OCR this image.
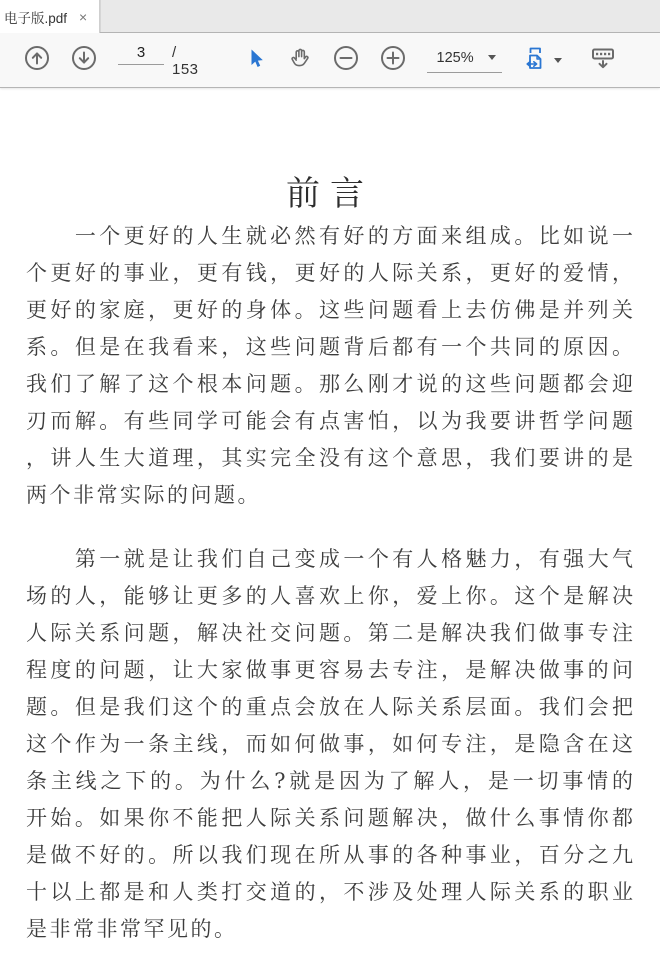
电子版.pdf ×
3
/ 153
125%
前言
　　一个更好的人生就必然有好的方面来组成。比如说一
个更好的事业，更有钱，更好的人际关系，更好的爱情，
更好的家庭，更好的身体。这些问题看上去仿佛是并列关
系。但是在我看来，这些问题背后都有一个共同的原因。
我们了解了这个根本问题。那么刚才说的这些问题都会迎
刃而解。有些同学可能会有点害怕，以为我要讲哲学问题
，讲人生大道理，其实完全没有这个意思，我们要讲的是
两个非常实际的问题。
　　第一就是让我们自己变成一个有人格魅力，有强大气
场的人，能够让更多的人喜欢上你，爱上你。这个是解决
人际关系问题，解决社交问题。第二是解决我们做事专注
程度的问题，让大家做事更容易去专注，是解决做事的问
题。但是我们这个的重点会放在人际关系层面。我们会把
这个作为一条主线，而如何做事，如何专注，是隐含在这
条主线之下的。为什么?就是因为了解人，是一切事情的
开始。如果你不能把人际关系问题解决，做什么事情你都
是做不好的。所以我们现在所从事的各种事业，百分之九
十以上都是和人类打交道的，不涉及处理人际关系的职业
是非常非常罕见的。
